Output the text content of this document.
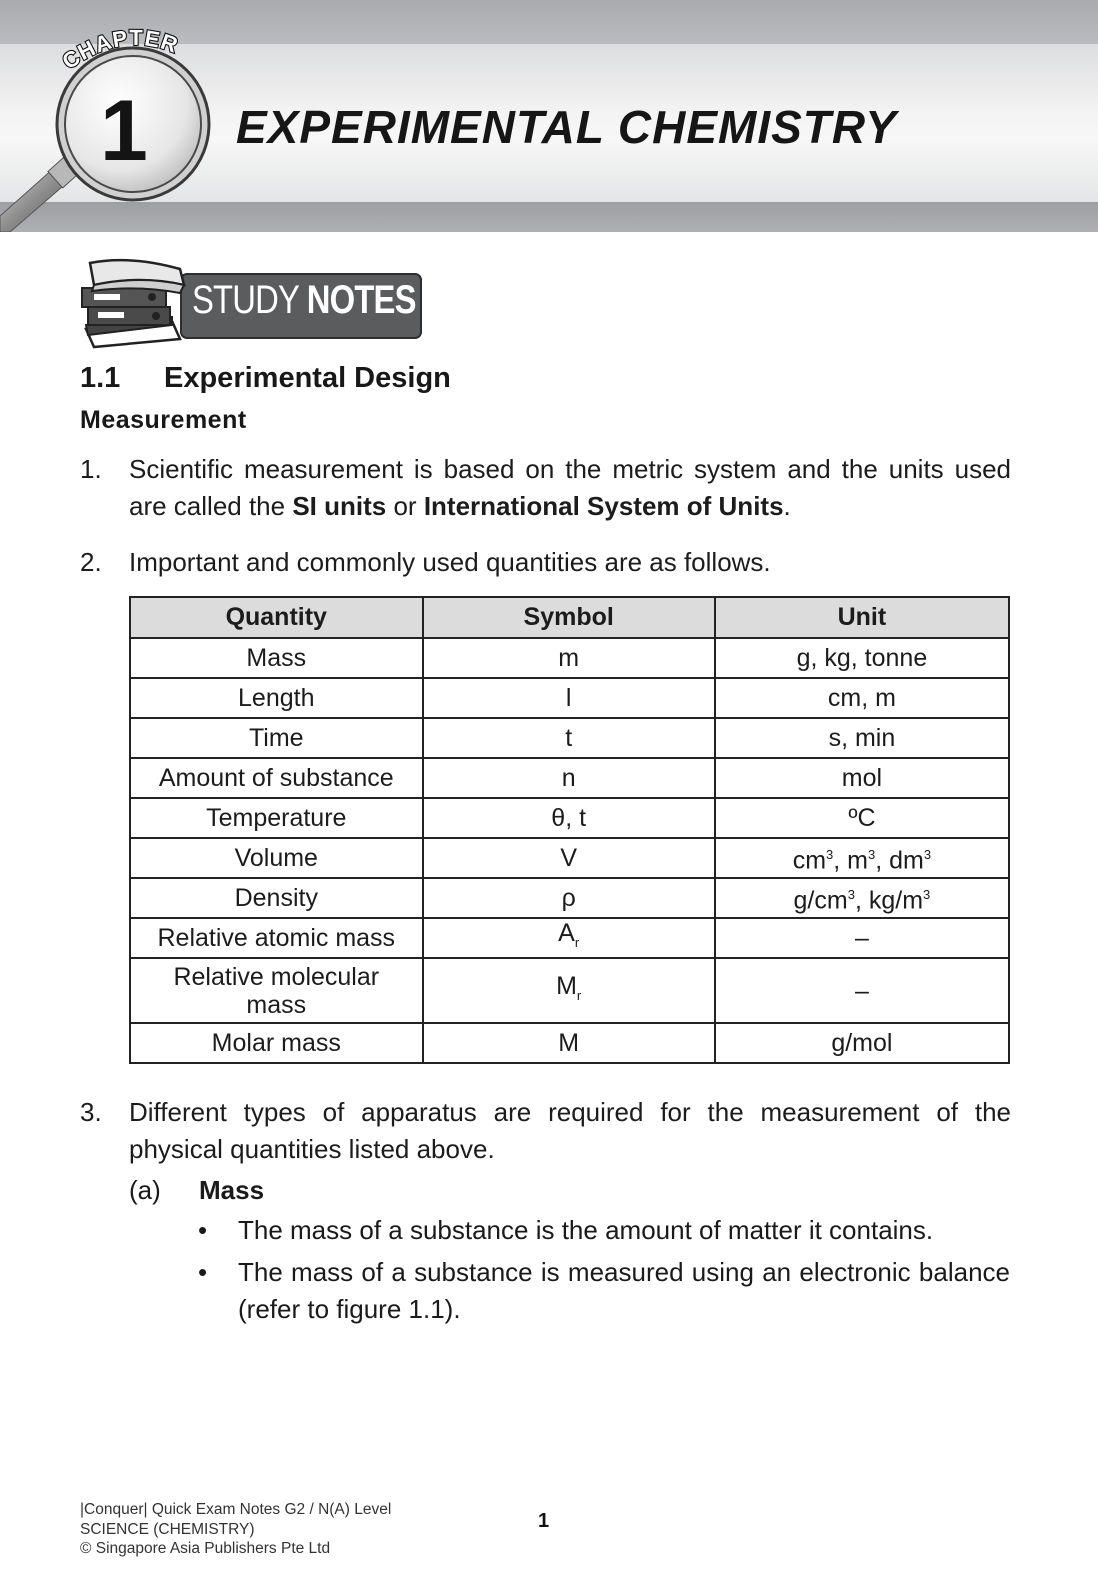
CHAPTER
1 EXPERIMENTAL CHEMISTRY
STUDY NOTES
1.1 Experimental Design
Measurement
1. Scientific measurement is based on the metric system and the units used are called the SI units or International System of Units.
2. Important and commonly used quantities are as follows.
Quantity	Symbol	Unit
Mass	m	g, kg, tonne
Length	l	cm, m
Time	t	s, min
Amount of substance	n	mol
Temperature	θ, t	ºC
Volume	V	$cm^3$, $m^3$, $dm^3$
Density	ρ	$g/cm^3$, $kg/m^3$
Relative atomic mass	$A_r$	–
Relative molecular mass	$M_r$	–
Molar mass	M	g/mol
3. Different types of apparatus are required for the measurement of the physical quantities listed above.
(a) Mass
• The mass of a substance is the amount of matter it contains.
• The mass of a substance is measured using an electronic balance (refer to figure 1.1).
|Conquer| Quick Exam Notes G2 / N(A) Level
SCIENCE (CHEMISTRY)
© Singapore Asia Publishers Pte Ltd
1
